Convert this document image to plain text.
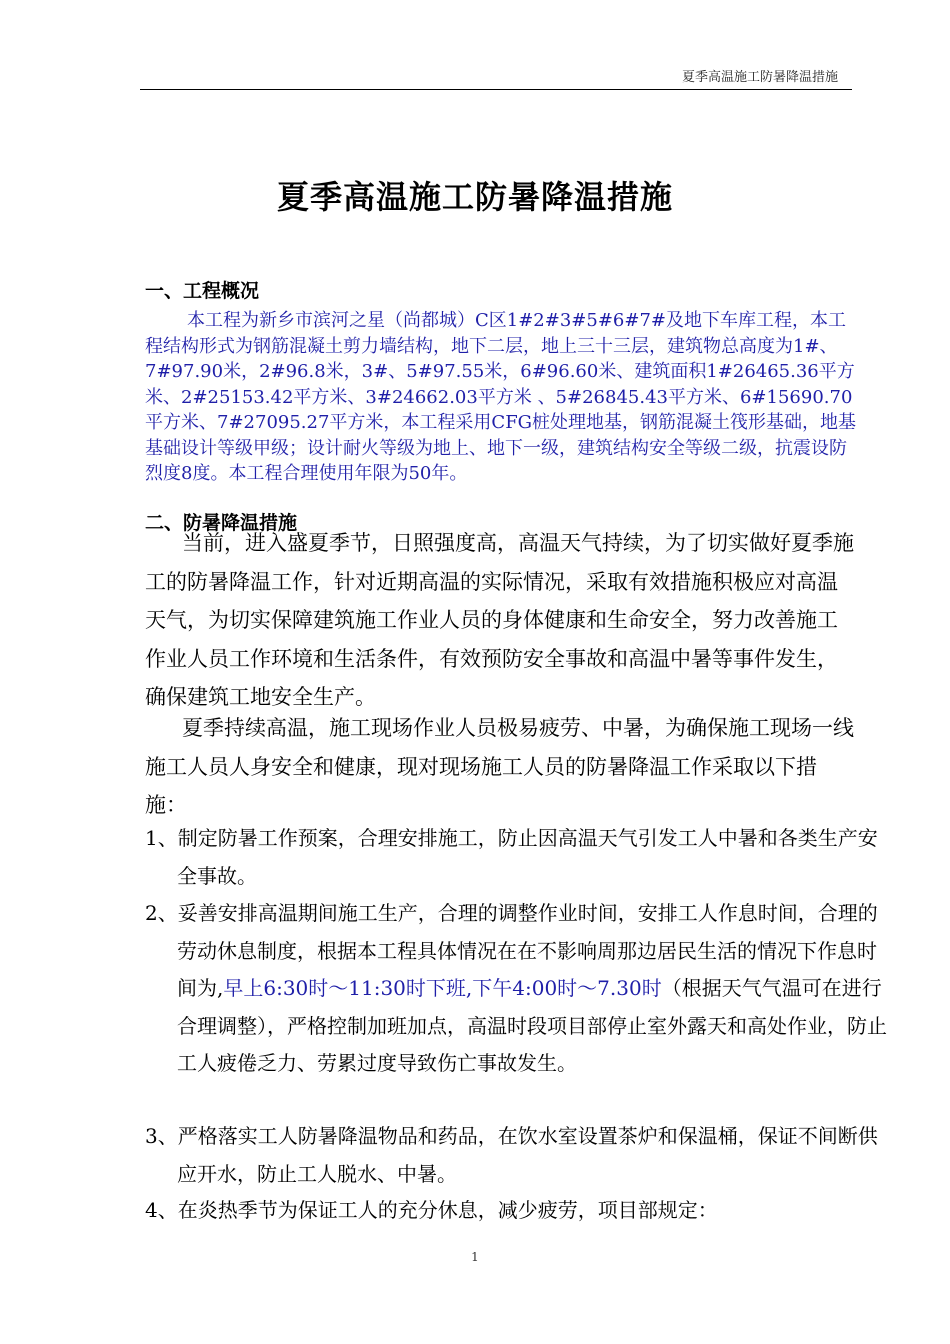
夏季高温施工防暑降温措施
夏季高温施工防暑降温措施
一、工程概况

本工程为新乡市滨河之星（尚都城）C区1#2#3#5#6#7#及地下车库工程，本工程结构形式为钢筋混凝土剪力墙结构，地下二层，地上三十三层，建筑物总高度为1#、7#97.90米，2#96.8米，3#、5#97.55米，6#96.60米、建筑面积1#26465.36平方米、2#25153.42平方米、3#24662.03平方米 、5#26845.43平方米、6#15690.70平方米、7#27095.27平方米，本工程采用CFG桩处理地基，钢筋混凝土筏形基础，地基基础设计等级甲级；设计耐火等级为地上、地下一级，建筑结构安全等级二级，抗震设防烈度8度。本工程合理使用年限为50年。

二、防暑降温措施

当前，进入盛夏季节，日照强度高，高温天气持续，为了切实做好夏季施工的防暑降温工作，针对近期高温的实际情况，采取有效措施积极应对高温天气，为切实保障建筑施工作业人员的身体健康和生命安全，努力改善施工作业人员工作环境和生活条件，有效预防安全事故和高温中暑等事件发生，确保建筑工地安全生产。

夏季持续高温，施工现场作业人员极易疲劳、中暑，为确保施工现场一线施工人员人身安全和健康，现对现场施工人员的防暑降温工作采取以下措施：

1、制定防暑工作预案，合理安排施工，防止因高温天气引发工人中暑和各类生产安全事故。

2、妥善安排高温期间施工生产，合理的调整作业时间，安排工人作息时间，合理的劳动休息制度，根据本工程具体情况在在不影响周那边居民生活的情况下作息时间为,早上6:30时～11:30时下班,下午4:00时～7.30时（根据天气气温可在进行合理调整），严格控制加班加点，高温时段项目部停止室外露天和高处作业，防止工人疲倦乏力、劳累过度导致伤亡事故发生。

3、严格落实工人防暑降温物品和药品，在饮水室设置茶炉和保温桶，保证不间断供应开水，防止工人脱水、中暑。

4、在炎热季节为保证工人的充分休息，减少疲劳，项目部规定：

1
